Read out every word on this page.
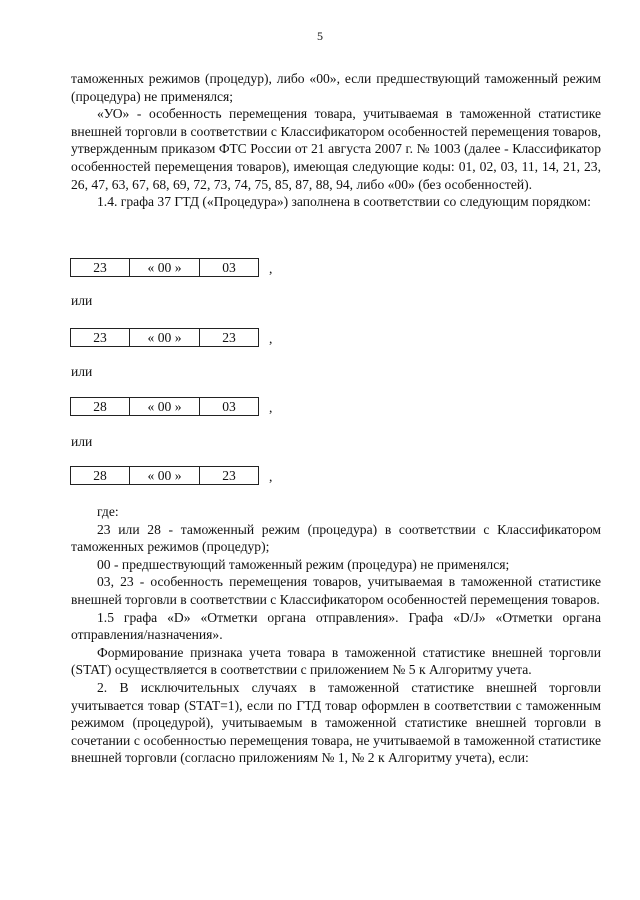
5

таможенных режимов (процедур), либо «00», если предшествующий таможенный режим (процедура) не применялся;

«УО» - особенность перемещения товара, учитываемая в таможенной статистике внешней торговли в соответствии с Классификатором особенностей перемещения товаров, утвержденным приказом ФТС России от 21 августа 2007 г. № 1003 (далее - Классификатор особенностей перемещения товаров), имеющая следующие коды: 01, 02, 03, 11, 14, 21, 23, 26, 47, 63, 67, 68, 69, 72, 73, 74, 75, 85, 87, 88, 94, либо «00» (без особенностей).

1.4. графа 37 ГТД («Процедура») заполнена в соответствии со следующим порядком:

23	« 00 »	03 ,
или
23	« 00 »	23 ,
или
28	« 00 »	03 ,
или
28	« 00 »	23 ,

где:

23 или 28 - таможенный режим (процедура) в соответствии с Классификатором таможенных режимов (процедур);

00 - предшествующий таможенный режим (процедура) не применялся;

03, 23 - особенность перемещения товаров, учитываемая в таможенной статистике внешней торговли в соответствии с Классификатором особенностей перемещения товаров.

1.5 графа «D» «Отметки органа отправления». Графа «D/J» «Отметки органа отправления/назначения».

Формирование признака учета товара в таможенной статистике внешней торговли (STAT) осуществляется в соответствии с приложением № 5 к Алгоритму учета.

2. В исключительных случаях в таможенной статистике внешней торговли учитывается товар (STAT=1), если по ГТД товар оформлен в соответствии с таможенным режимом (процедурой), учитываемым в таможенной статистике внешней торговли в сочетании с особенностью перемещения товара, не учитываемой в таможенной статистике внешней торговли (согласно приложениям № 1, № 2 к Алгоритму учета), если:
